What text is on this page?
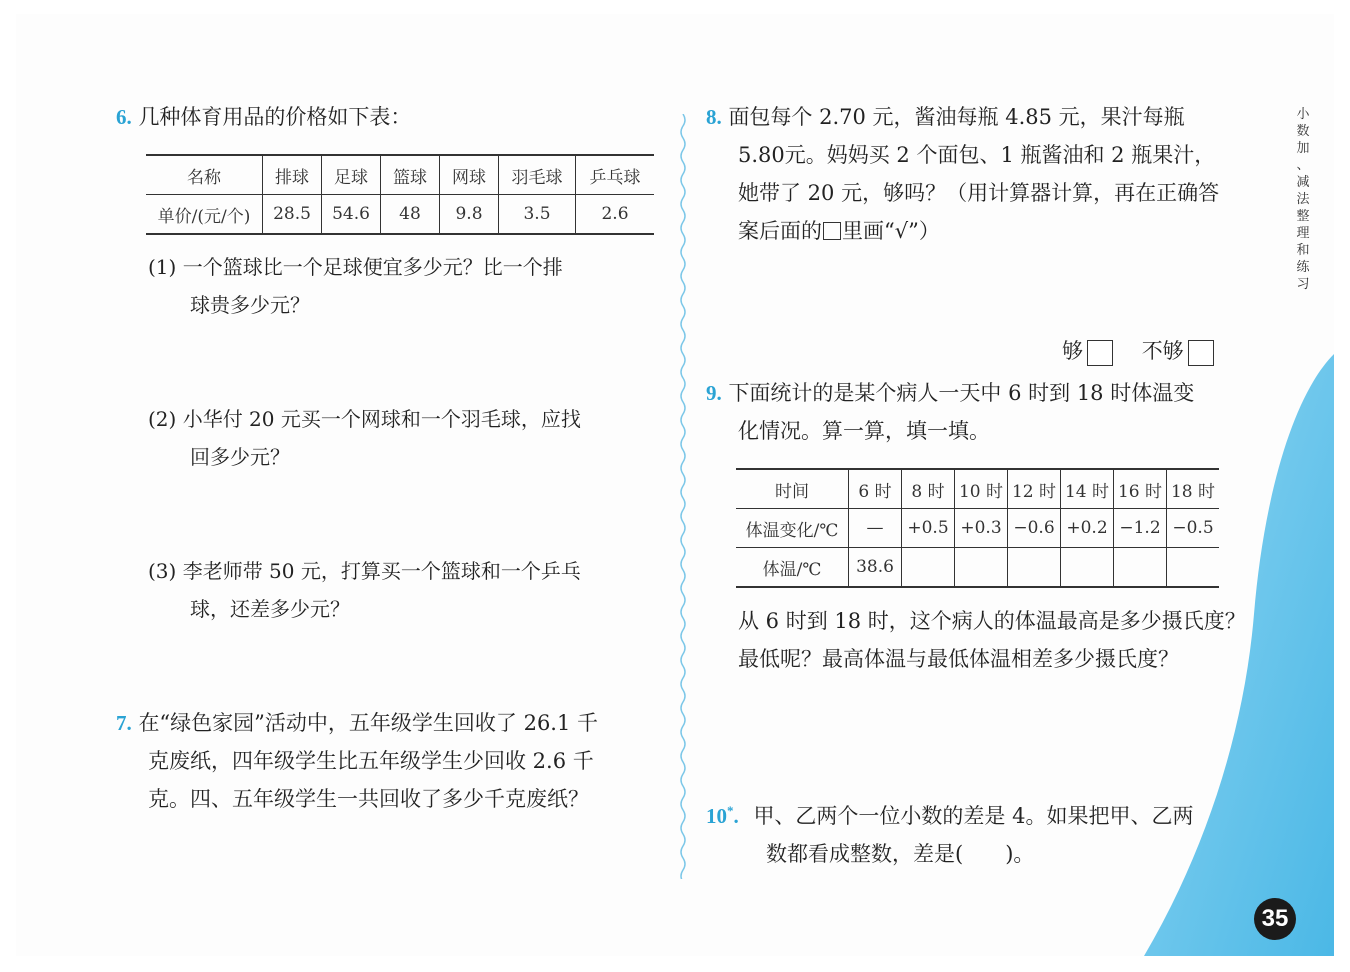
6. 几种体育用品的价格如下表：
名称	排球	足球	篮球	网球	羽毛球	乒乓球
单价/(元/个)	28.5	54.6	48	9.8	3.5	2.6
(1) 一个篮球比一个足球便宜多少元？比一个排
球贵多少元？
(2) 小华付 20 元买一个网球和一个羽毛球，应找
回多少元？
(3) 李老师带 50 元，打算买一个篮球和一个乒乓
球，还差多少元？
7. 在“绿色家园”活动中，五年级学生回收了 26.1 千
克废纸，四年级学生比五年级学生少回收 2.6 千
克。四、五年级学生一共回收了多少千克废纸？
8. 面包每个 2.70 元，酱油每瓶 4.85 元，果汁每瓶
5.80元。妈妈买 2 个面包、1 瓶酱油和 2 瓶果汁，
她带了 20 元，够吗？（用计算器计算，再在正确答
案后面的 里画“√”）
够	不够
9. 下面统计的是某个病人一天中 6 时到 18 时体温变
化情况。算一算，填一填。
时间	6 时	8 时	10 时	12 时	14 时	16 时	18 时
体温变化/℃	—	+0.5	+0.3	−0.6	+0.2	−1.2	−0.5
体温/℃	38.6						
从 6 时到 18 时，这个病人的体温最高是多少摄氏度？
最低呢？最高体温与最低体温相差多少摄氏度？
10*. 甲、乙两个一位小数的差是 4。如果把甲、乙两
数都看成整数，差是(　　)。
小
数
加
、
减
法
整
理
和
练
习
35
